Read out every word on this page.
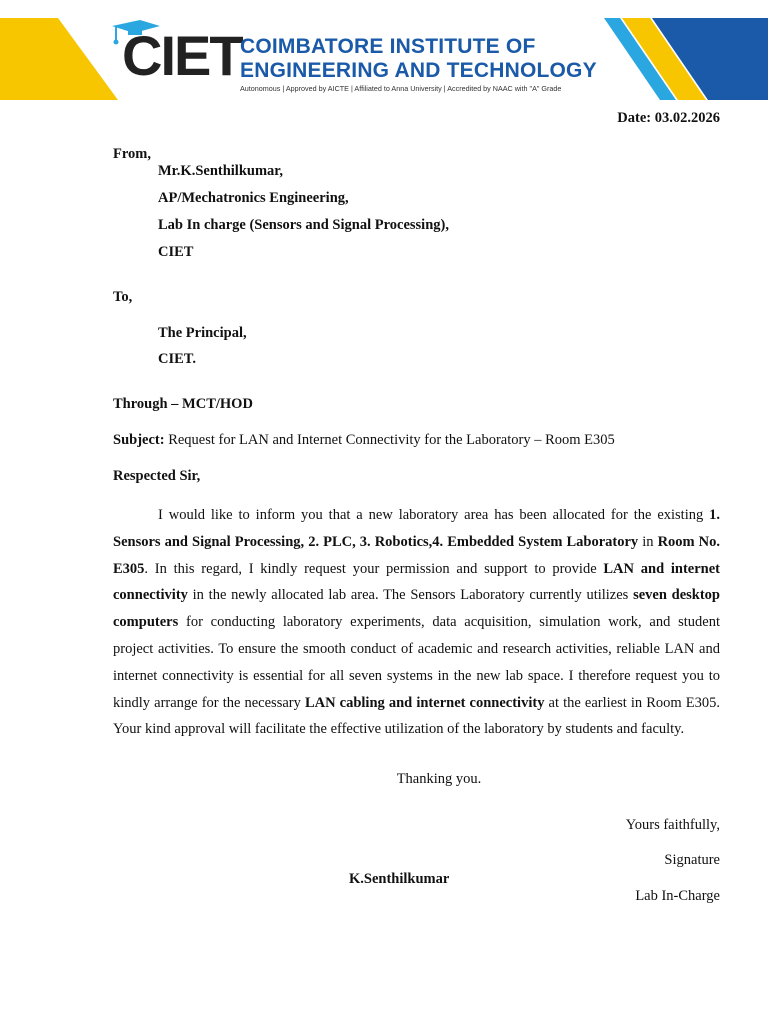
CIET
COIMBATORE INSTITUTE OF
ENGINEERING AND TECHNOLOGY
Autonomous | Approved by AICTE | Affiliated to Anna University | Accredited by NAAC with "A" Grade
Date: 03.02.2026
From,
Mr.K.Senthilkumar,
AP/Mechatronics Engineering,
Lab In charge (Sensors and Signal Processing),
CIET
To,
The Principal,
CIET.
Through – MCT/HOD
Subject: Request for LAN and Internet Connectivity for the Laboratory – Room E305
Respected Sir,
I would like to inform you that a new laboratory area has been allocated for the existing 1. Sensors and Signal Processing, 2. PLC, 3. Robotics,4. Embedded System Laboratory in Room No. E305. In this regard, I kindly request your permission and support to provide LAN and internet connectivity in the newly allocated lab area. The Sensors Laboratory currently utilizes seven desktop computers for conducting laboratory experiments, data acquisition, simulation work, and student project activities. To ensure the smooth conduct of academic and research activities, reliable LAN and internet connectivity is essential for all seven systems in the new lab space. I therefore request you to kindly arrange for the necessary LAN cabling and internet connectivity at the earliest in Room E305. Your kind approval will facilitate the effective utilization of the laboratory by students and faculty.
Thanking you.
Yours faithfully,
Signature
K.Senthilkumar
Lab In-Charge
